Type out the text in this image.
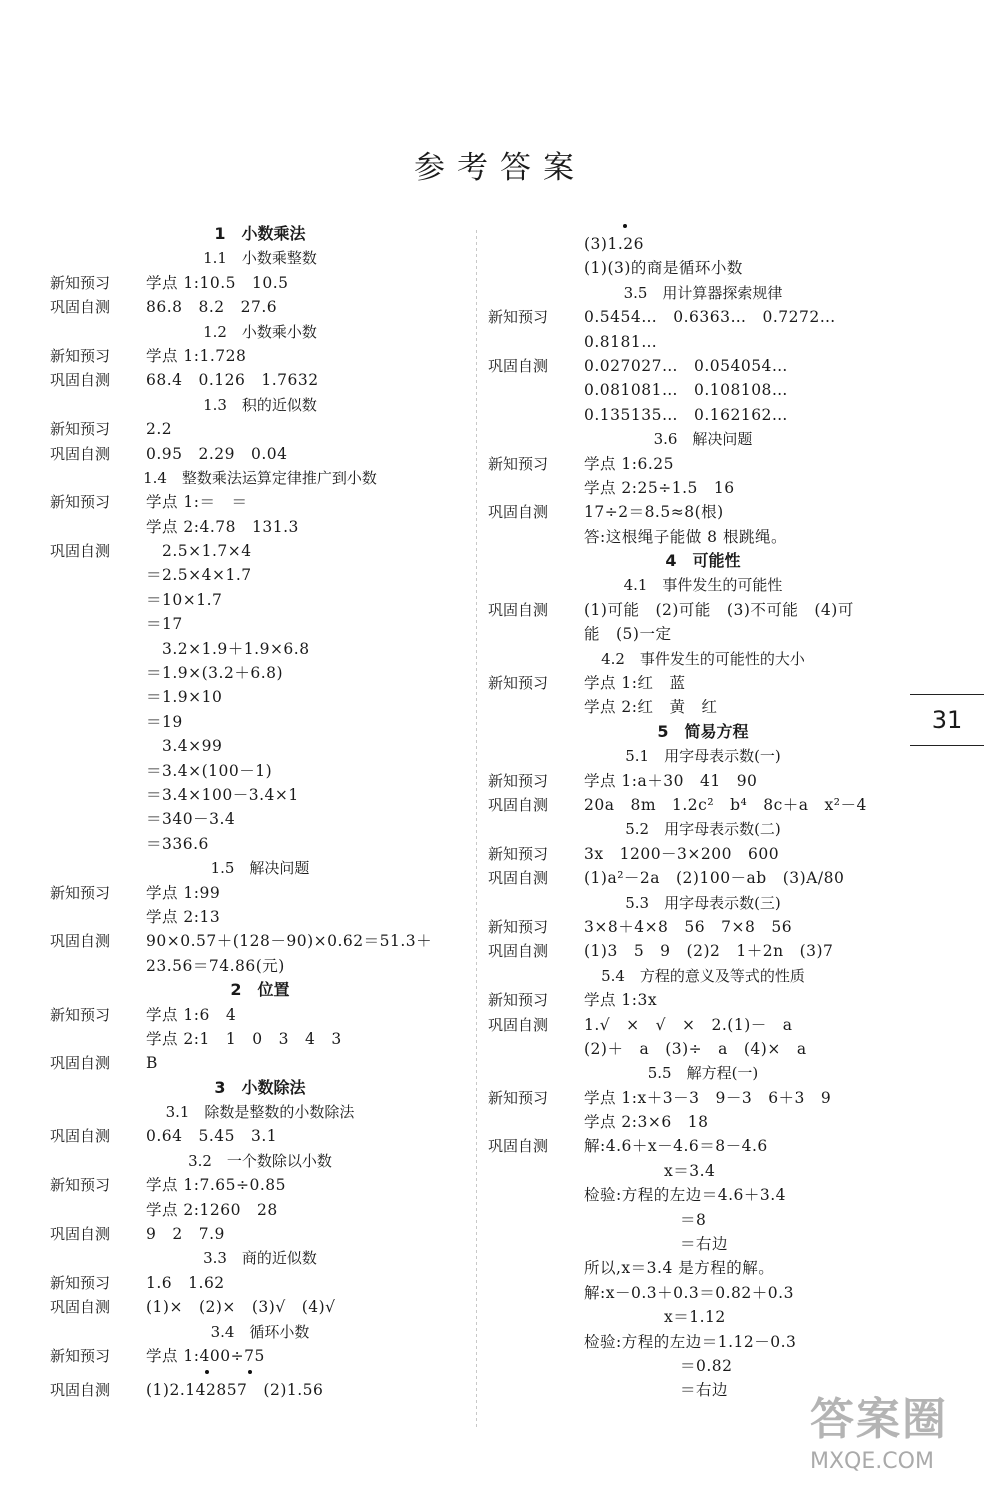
参考答案
1　小数乘法
1.1　小数乘整数
新知预习 学点 1:10.5　10.5
巩固自测 86.8　8.2　27.6
1.2　小数乘小数
新知预习 学点 1:1.728
巩固自测 68.4　0.126　1.7632
1.3　积的近似数
新知预习 2.2
巩固自测 0.95　2.29　0.04
1.4　整数乘法运算定律推广到小数
新知预习 学点 1:＝　＝
学点 2:4.78　131.3
巩固自测　2.5×1.7×4
＝2.5×4×1.7
＝10×1.7
＝17
　3.2×1.9＋1.9×6.8
＝1.9×(3.2＋6.8)
＝1.9×10
＝19
　3.4×99
＝3.4×(100－1)
＝3.4×100－3.4×1
＝340－3.4
＝336.6
1.5　解决问题
新知预习 学点 1:99
学点 2:13
巩固自测 90×0.57＋(128－90)×0.62＝51.3＋
23.56＝74.86(元)
2　位置
新知预习 学点 1:6　4
学点 2:1　1　0　3　4　3
巩固自测 B
3　小数除法
3.1　除数是整数的小数除法
巩固自测 0.64　5.45　3.1
3.2　一个数除以小数
新知预习 学点 1:7.65÷0.85
学点 2:1260　28
巩固自测 9　2　7.9
3.3　商的近似数
新知预习 1.6　1.62
巩固自测 (1)×　(2)×　(3)√　(4)√
3.4　循环小数
新知预习 学点 1:400÷75
巩固自测 (1)2.142857　(2)1.56
(3)1.26
(1)(3)的商是循环小数
3.5　用计算器探索规律
新知预习 0.5454…　0.6363…　0.7272…
0.8181…
巩固自测 0.027027…　0.054054…
0.081081…　0.108108…
0.135135…　0.162162…
3.6　解决问题
新知预习 学点 1:6.25
学点 2:25÷1.5　16
巩固自测 17÷2＝8.5≈8(根)
答:这根绳子能做 8 根跳绳。
4　可能性
4.1　事件发生的可能性
巩固自测 (1)可能　(2)可能　(3)不可能　(4)可
能　(5)一定
4.2　事件发生的可能性的大小
新知预习 学点 1:红　蓝
学点 2:红　黄　红
5　简易方程
5.1　用字母表示数(一)
新知预习 学点 1:a＋30　41　90
巩固自测 20a　8m　1.2c²　b⁴　8c＋a　x²－4
5.2　用字母表示数(二)
新知预习 3x　1200－3×200　600
巩固自测 (1)a²－2a　(2)100－ab　(3)A/80
5.3　用字母表示数(三)
新知预习 3×8＋4×8　56　7×8　56
巩固自测 (1)3　5　9　(2)2　1＋2n　(3)7
5.4　方程的意义及等式的性质
新知预习 学点 1:3x
巩固自测 1.√　×　√　×　2.(1)－　a
(2)＋　a　(3)÷　a　(4)×　a
5.5　解方程(一)
新知预习 学点 1:x＋3－3　9－3　6＋3　9
学点 2:3×6　18
巩固自测 解:4.6＋x－4.6＝8－4.6
　　　　　x＝3.4
检验:方程的左边＝4.6＋3.4
　　　　　　＝8
　　　　　　＝右边
所以,x＝3.4 是方程的解。
解:x－0.3＋0.3＝0.82＋0.3
　　　　　x＝1.12
检验:方程的左边＝1.12－0.3
　　　　　　＝0.82
　　　　　　＝右边
31
答案圈
MXQE.COM
